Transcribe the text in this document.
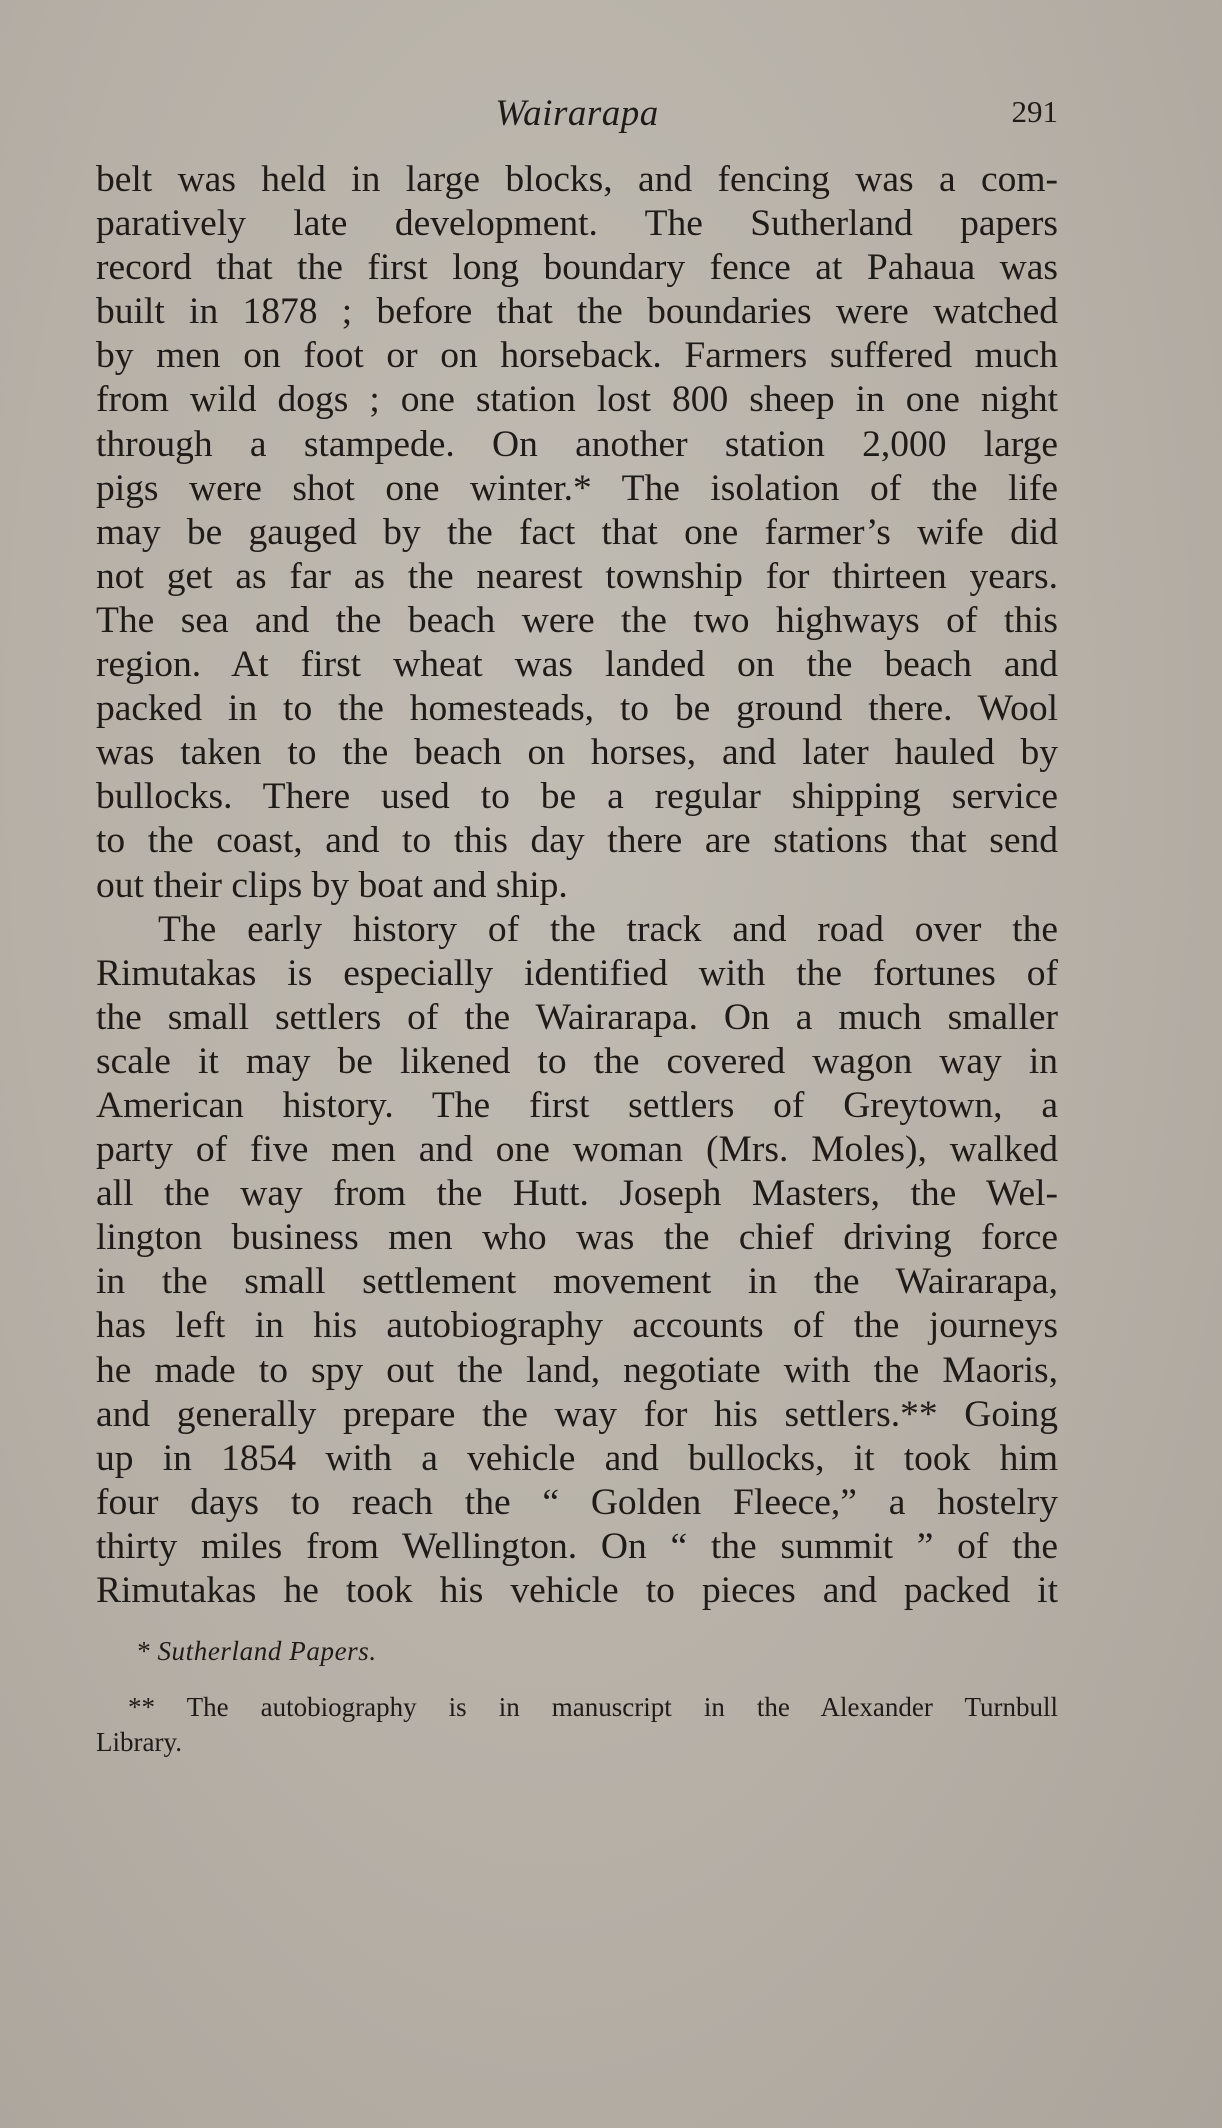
Wairarapa	291
belt was held in large blocks, and fencing was a com-
paratively late development. The Sutherland papers
record that the first long boundary fence at Pahaua was
built in 1878 ; before that the boundaries were watched
by men on foot or on horseback. Farmers suffered much
from wild dogs ; one station lost 800 sheep in one night
through a stampede. On another station 2,000 large
pigs were shot one winter.* The isolation of the life
may be gauged by the fact that one farmer’s wife did
not get as far as the nearest township for thirteen years.
The sea and the beach were the two highways of this
region. At first wheat was landed on the beach and
packed in to the homesteads, to be ground there. Wool
was taken to the beach on horses, and later hauled by
bullocks. There used to be a regular shipping service
to the coast, and to this day there are stations that send
out their clips by boat and ship.
The early history of the track and road over the
Rimutakas is especially identified with the fortunes of
the small settlers of the Wairarapa. On a much smaller
scale it may be likened to the covered wagon way in
American history. The first settlers of Greytown, a
party of five men and one woman (Mrs. Moles), walked
all the way from the Hutt. Joseph Masters, the Wel-
lington business men who was the chief driving force
in the small settlement movement in the Wairarapa,
has left in his autobiography accounts of the journeys
he made to spy out the land, negotiate with the Maoris,
and generally prepare the way for his settlers.** Going
up in 1854 with a vehicle and bullocks, it took him
four days to reach the “ Golden Fleece,” a hostelry
thirty miles from Wellington. On “ the summit ” of the
Rimutakas he took his vehicle to pieces and packed it
* Sutherland Papers.
** The autobiography is in manuscript in the Alexander Turnbull
Library.
